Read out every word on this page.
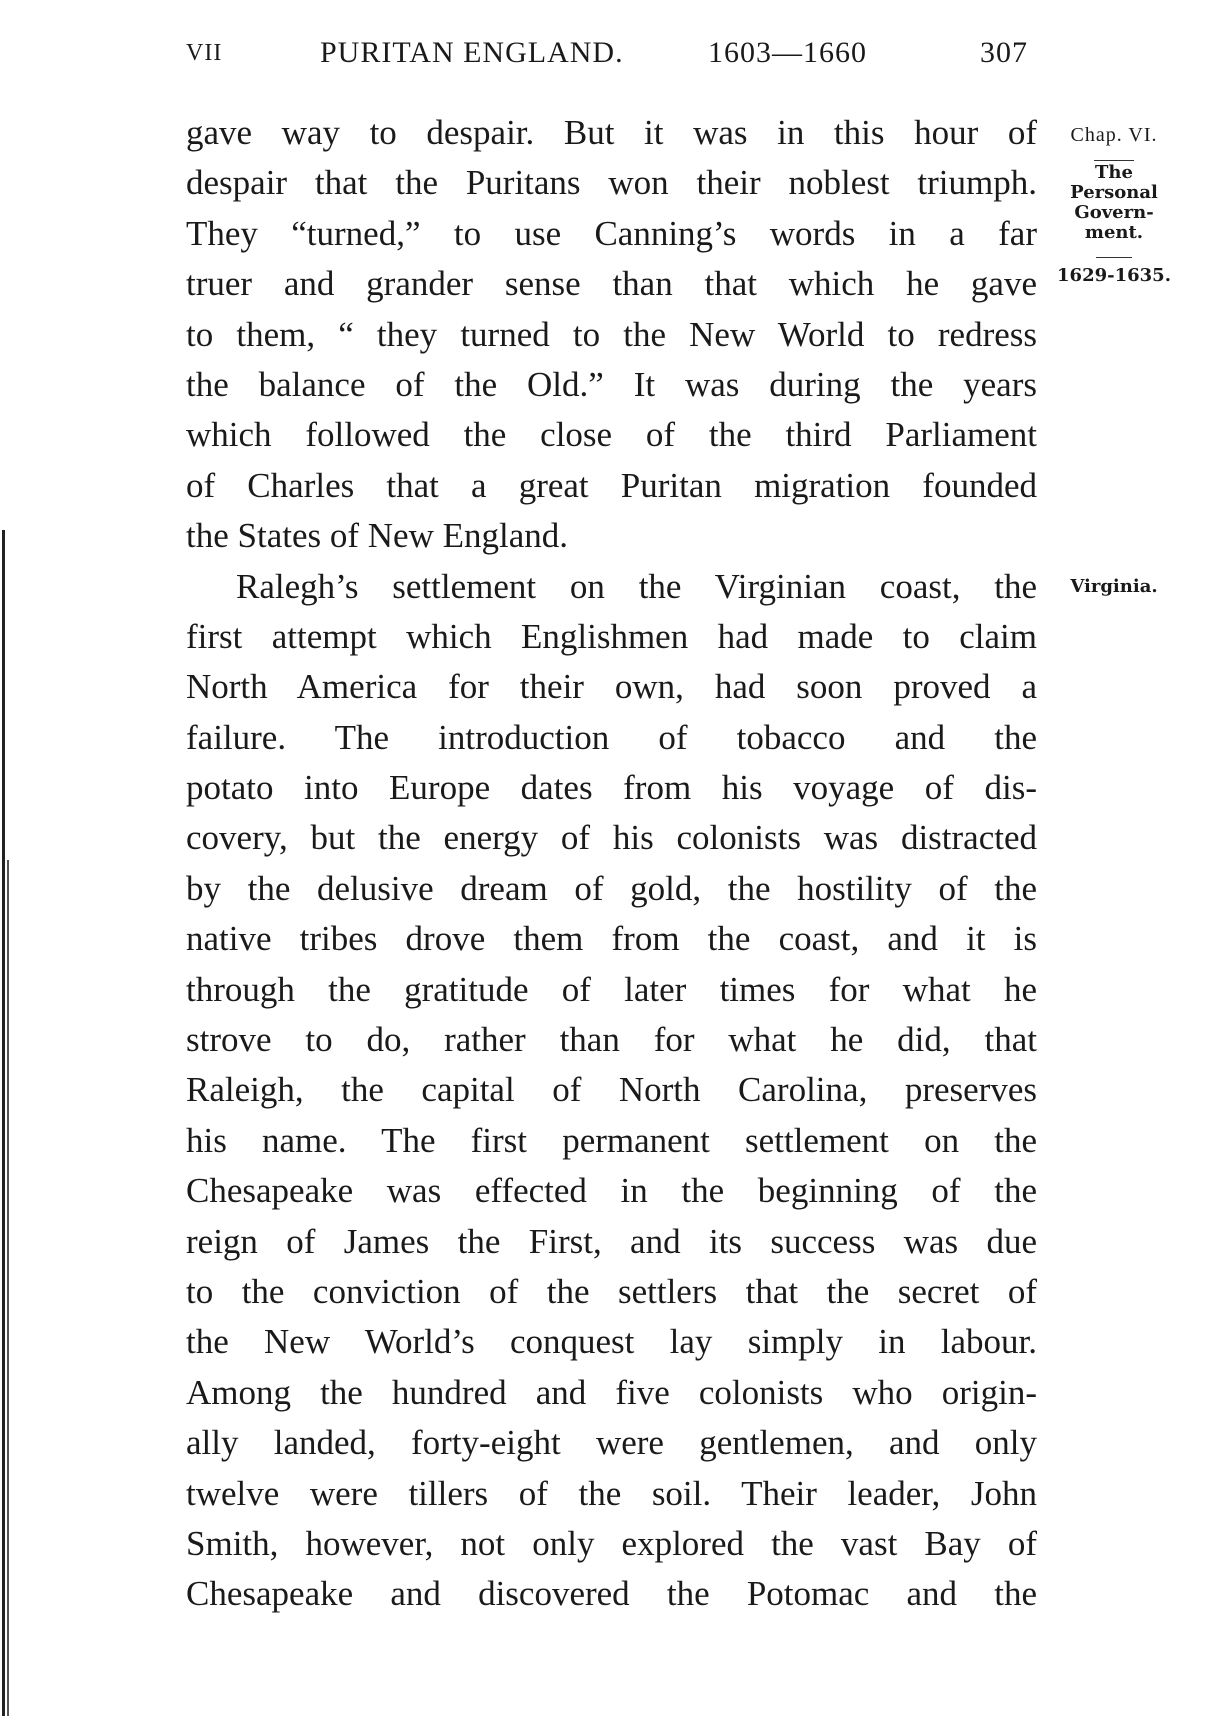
VII	PURITAN ENGLAND.	1603—1660	307
gave way to despair. But it was in this hour of
despair that the Puritans won their noblest triumph.
They “turned,” to use Canning’s words in a far
truer and grander sense than that which he gave
to them, “ they turned to the New World to redress
the balance of the Old.” It was during the years
which followed the close of the third Parliament
of Charles that a great Puritan migration founded
the States of New England.
Ralegh’s settlement on the Virginian coast, the
first attempt which Englishmen had made to claim
North America for their own, had soon proved a
failure. The introduction of tobacco and the
potato into Europe dates from his voyage of dis-
covery, but the energy of his colonists was distracted
by the delusive dream of gold, the hostility of the
native tribes drove them from the coast, and it is
through the gratitude of later times for what he
strove to do, rather than for what he did, that
Raleigh, the capital of North Carolina, preserves
his name. The first permanent settlement on the
Chesapeake was effected in the beginning of the
reign of James the First, and its success was due
to the conviction of the settlers that the secret of
the New World’s conquest lay simply in labour.
Among the hundred and five colonists who origin-
ally landed, forty-eight were gentlemen, and only
twelve were tillers of the soil. Their leader, John
Smith, however, not only explored the vast Bay of
Chesapeake and discovered the Potomac and the
Chap. VI.
The
Personal
Govern-
ment.
1629-1635.
Virginia.
